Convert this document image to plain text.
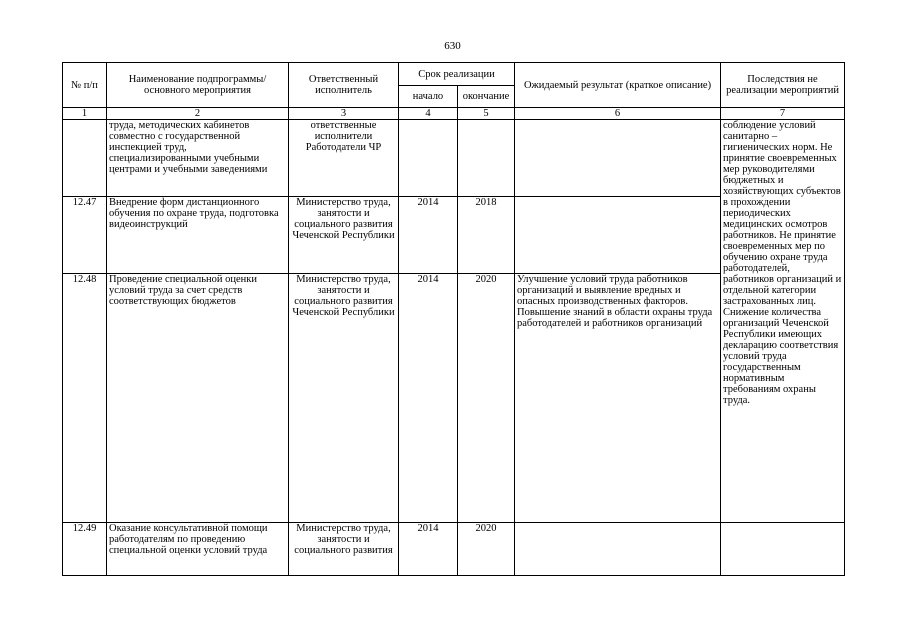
630
№ п/п	Наименование подпрограммы/ основного мероприятия	Ответственный исполнитель	Срок реализации		Ожидаемый результат (краткое описание)	Последствия не реализации мероприятий
			начало	окончание		
1	2	3	4	5	6	7
	труда, методических кабинетов совместно с государственной инспекцией труд, специализированными учебными центрами и учебными заведениями	ответственные исполнители Работодатели ЧР				соблюдение условий санитарно – гигиенических норм. Не принятие своевременных мер руководителями бюджетных и хозяйствующих субъектов в прохождении периодических медицинских осмотров работников. Не принятие своевременных мер по обучению охране труда работодателей, работников организаций и отдельной категории застрахованных лиц. Снижение количества организаций Чеченской Республики имеющих декларацию соответствия условий труда государственным нормативным требованиям охраны труда.
12.47	Внедрение форм дистанционного обучения по охране труда, подготовка видеоинструкций	Министерство труда, занятости и социального развития Чеченской Республики	2014	2018		
12.48	Проведение специальной оценки условий труда за счет средств соответствующих бюджетов	Министерство труда, занятости и социального развития Чеченской Республики	2014	2020	Улучшение условий труда работников организаций и выявление вредных и опасных производственных факторов. Повышение знаний в области охраны труда работодателей и работников организаций	
12.49	Оказание консультативной помощи работодателям по проведению специальной оценки условий труда	Министерство труда, занятости и социального развития	2014	2020		
